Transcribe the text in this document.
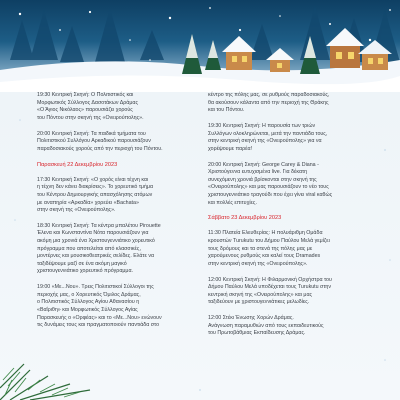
19:30 Κεντρική Σκηνή: Ο Πολιτιστικός και
Μορφωτικός Σύλλογος Δασοτάκων Δράμας
«Ο Άγιος Νικόλαος» παρουσιάζει χορούς
του Πόντου στην σκηνή της «Ονειρούπολης».

20:00 Κεντρική Σκηνή: Τα παιδικά τμήματα του
Πολιτιστικού Συλλόγου Αρκαδικού παρουσιάζουν
παραδοσιακούς χορούς από την περιοχή του Πόντου.

Παρασκευή 22 Δεκεμβρίου 2023

17:30 Κεντρική Σκηνή: «Ο χορός είναι τέχνη και
η τέχνη δεν κάνει διακρίσεις». Το χορευτικό τμήμα
του Κέντρου Δημιουργικής απασχόλησης ατόμων
με αναπηρία «Αρκαδία» χορεύει «Bachata»
στην σκηνή της «Ονειρούπολης».

18:30 Κεντρική Σκηνή: Τα κέντρα μπαλέτου Pirouette
Έλενα και Κωνσταντίνα Νότα παρουσιάζουν για
ακόμη μια χρονιά ένα Χριστουγεννιάτικο χορευτικό
πρόγραμμα που αποτελείται από κλασσικές,
μοντέρνες και μουσικοθεατρικές σελίδες. Ελάτε να
ταξιδέψουμε μαζί σε ένα ακόμη μαγικό
χριστουγεννιάτικο χορευτικό πρόγραμμα.

19:00 «Με...Νου». Τρεις Πολιτιστικοί Σύλλογοι της
περιοχής μας, ο Χορευτικός Όμιλος Δράμας,
ο Πολιτιστικός Σύλλογος Αγίου Αθανασίου η
«Βαΐριθη» και Μορφωτικός Σύλλογος Αγίας
Παρασκευής ο «Ορφέας» και το «Με...Νου» ενώνουν
τις δυνάμεις τους και πραγματοποιούν παντιάδα στο

κέντρο της πόλης μας, σε ρυθμούς παραδοσιακούς,
θα ακούσουν κάλαντα από την περιοχή της Θράκης
και του Πόντου.

19:30 Κεντρική Σκηνή: Η παρουσία των τριών
Συλλόγων ολοκληρώνεται, μετά την παντιάδα τους,
στην κεντρική σκηνή της «Ονειρούπολης» για να
χορέψουμε παρέα!

20:00 Κεντρική Σκηνή: George Carey & Diana -
Χριστούγεννα ευτυχισμένα live. Για δέκατη
συνεχόμενη χρονιά βρίσκονται στην σκηνή της
«Ονειρούπολης» και μας παρουσιάζουν το νέο τους
χριστουγεννιάτικο τραγούδι που έχει γίνει viral καθώς
και πολλές επιτυχίες.

Σάββατο 23 Δεκεμβρίου 2023

11:30 Πλατεία Ελευθερίας: Η πολυάριθμη Ομάδα
κρουστών Turukutu του Δήμου Παύλου Μελά γεμίζει
τους δρόμους και τα στενά της πόλης μας με
χαρούμενους ρυθμούς και καλεί τους Dramades
στην κεντρική σκηνή της «Ονειρούπολης».

12:00 Κεντρική Σκηνή: Η Φιλαρμονική Ορχήστρα του
Δήμου Παύλου Μελά υποδέχεται τους Turukutu στην
κεντρική σκηνή της «Ονειρούπολης» και μας
ταξιδεύουν με χριστουγεννιάτικες μελωδίες.

12:00 Στέκι Ένωσης Χορών Δράμας.
Ανάγνωση παραμυθιών από τους εκπαιδευτικούς
του Πρωτοβάθμιας Εκπαίδευσης Δράμας.
